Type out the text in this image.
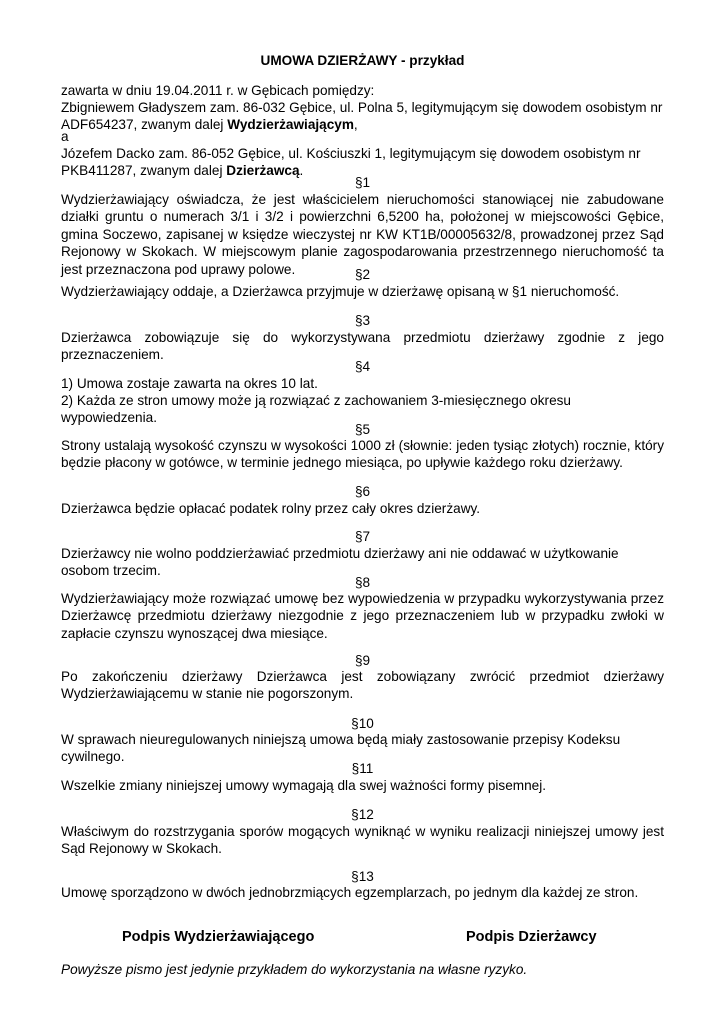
UMOWA DZIERŻAWY - przykład
zawarta w dniu 19.04.2011 r. w Gębicach pomiędzy:
Zbigniewem Gładyszem zam. 86-032 Gębice, ul. Polna 5, legitymującym się dowodem osobistym nr ADF654237, zwanym dalej Wydzierżawiającym,
a
Józefem Dacko zam. 86-052 Gębice, ul. Kościuszki 1, legitymującym się dowodem osobistym nr PKB411287, zwanym dalej Dzierżawcą.
§1
Wydzierżawiający oświadcza, że jest właścicielem nieruchomości stanowiącej nie zabudowane działki gruntu o numerach 3/1 i 3/2 i powierzchni 6,5200 ha, położonej w miejscowości Gębice, gmina Soczewo, zapisanej w księdze wieczystej nr KW KT1B/00005632/8, prowadzonej przez Sąd Rejonowy w Skokach. W miejscowym planie zagospodarowania przestrzennego nieruchomość ta jest przeznaczona pod uprawy polowe.	§2
Wydzierżawiający oddaje, a Dzierżawca przyjmuje w dzierżawę opisaną w §1 nieruchomość.
§3
Dzierżawca zobowiązuje się do wykorzystywana przedmiotu dzierżawy zgodnie z jego przeznaczeniem.
§4
1) Umowa zostaje zawarta na okres 10 lat.
2) Każda ze stron umowy może ją rozwiązać z zachowaniem 3-miesięcznego okresu wypowiedzenia.
§5
Strony ustalają wysokość czynszu w wysokości 1000 zł (słownie: jeden tysiąc złotych) rocznie, który będzie płacony w gotówce, w terminie jednego miesiąca, po upływie każdego roku dzierżawy.
§6
Dzierżawca będzie opłacać podatek rolny przez cały okres dzierżawy.
§7
Dzierżawcy nie wolno poddzierżawiać przedmiotu dzierżawy ani nie oddawać w użytkowanie osobom trzecim.
§8
Wydzierżawiający może rozwiązać umowę bez wypowiedzenia w przypadku wykorzystywania przez Dzierżawcę przedmiotu dzierżawy niezgodnie z jego przeznaczeniem lub w przypadku zwłoki w zapłacie czynszu wynoszącej dwa miesiące.
§9
Po zakończeniu dzierżawy Dzierżawca jest zobowiązany zwrócić przedmiot dzierżawy Wydzierżawiającemu w stanie nie pogorszonym.
§10
W sprawach nieuregulowanych niniejszą umowa będą miały zastosowanie przepisy Kodeksu
cywilnego.
§11
Wszelkie zmiany niniejszej umowy wymagają dla swej ważności formy pisemnej.
§12
Właściwym do rozstrzygania sporów mogących wyniknąć w wyniku realizacji niniejszej umowy jest Sąd Rejonowy w Skokach.
§13
Umowę sporządzono w dwóch jednobrzmiących egzemplarzach, po jednym dla każdej ze stron.
Podpis Wydzierżawiającego	Podpis Dzierżawcy
Powyższe pismo jest jedynie przykładem do wykorzystania na własne ryzyko.
